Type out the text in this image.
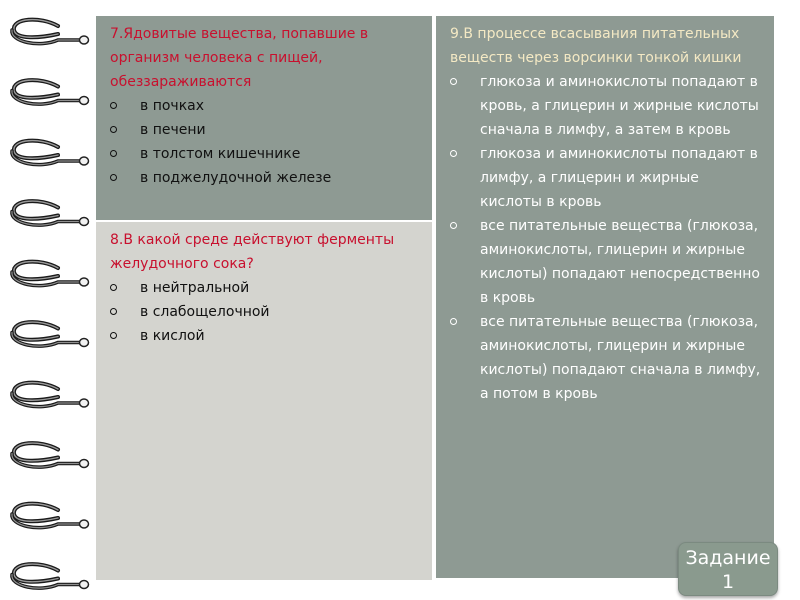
7.Ядовитые вещества, попавшие в организм человека с пищей, обеззараживаются

в почках
в печени
в толстом кишечнике
в поджелудочной железе

8.В какой среде действуют ферменты желудочного сока?

в нейтральной
в слабощелочной
в кислой

9.В процессе всасывания питательных веществ через ворсинки тонкой кишки

глюкоза и аминокислоты попадают в кровь, а глицерин и жирные кислоты сначала в лимфу, а затем в кровь
глюкоза и аминокислоты попадают в лимфу, а глицерин и жирные кислоты в кровь
все питательные вещества (глюкоза, аминокислоты, глицерин и жирные кислоты) попадают непосредственно в кровь
все питательные вещества (глюкоза, аминокислоты, глицерин и жирные кислоты) попадают сначала в лимфу, а потом в кровь
Задание
1
